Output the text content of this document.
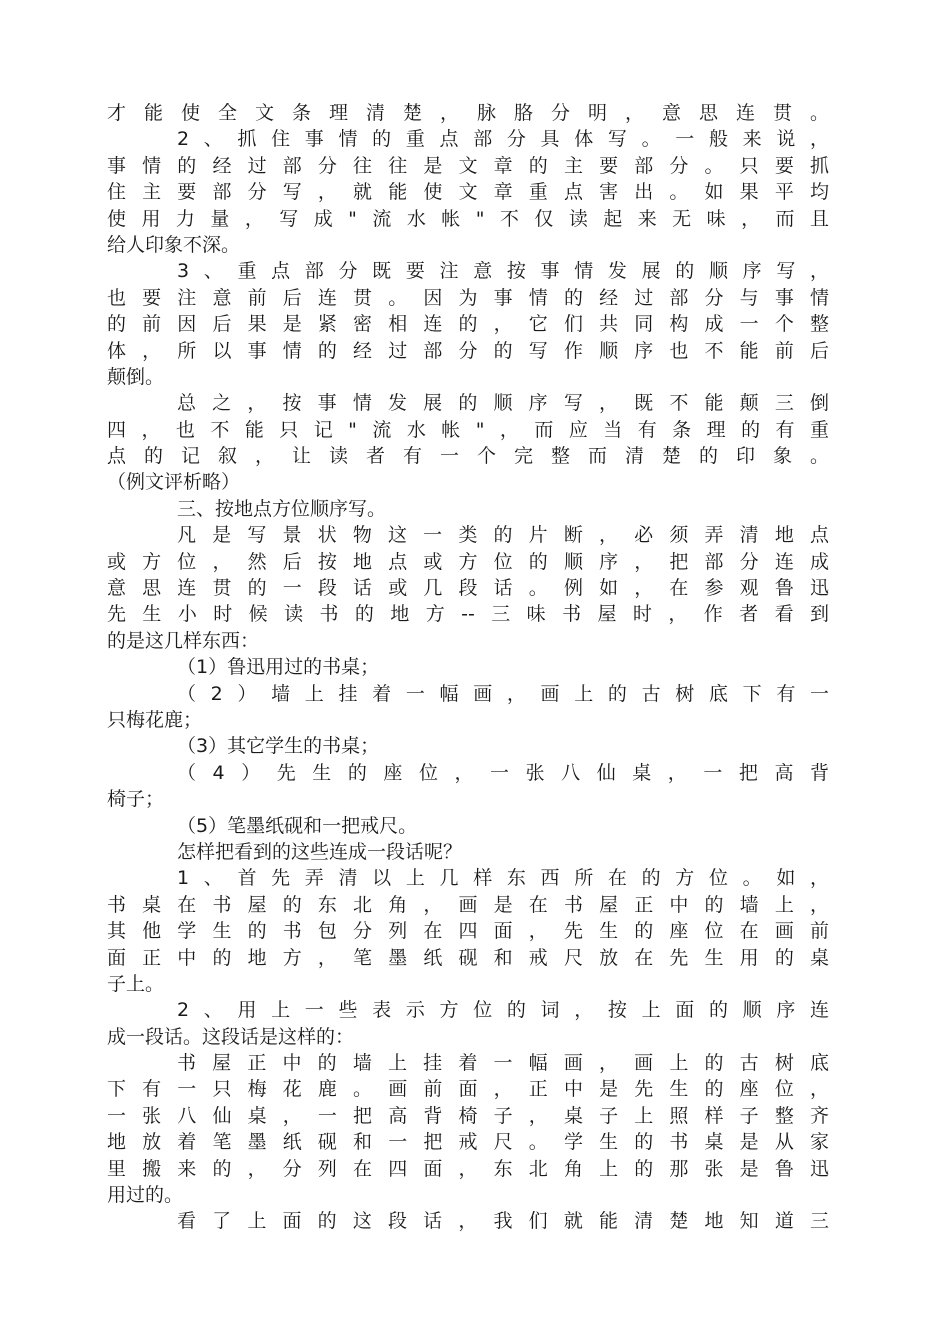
才能使全文条理清楚，脉胳分明，意思连贯。
2、抓住事情的重点部分具体写。一般来说，
事情的经过部分往往是文章的主要部分。只要抓
住主要部分写，就能使文章重点害出。如果平均
使用力量，写成"流水帐"不仅读起来无味，而且
给人印象不深。
3、重点部分既要注意按事情发展的顺序写，
也要注意前后连贯。因为事情的经过部分与事情
的前因后果是紧密相连的，它们共同构成一个整
体，所以事情的经过部分的写作顺序也不能前后
颠倒。
总之，按事情发展的顺序写，既不能颠三倒
四，也不能只记"流水帐"，而应当有条理的有重
点的记叙，让读者有一个完整而清楚的印象。
（例文评析略）
三、按地点方位顺序写。
凡是写景状物这一类的片断，必须弄清地点
或方位，然后按地点或方位的顺序，把部分连成
意思连贯的一段话或几段话。例如，在参观鲁迅
先生小时候读书的地方--三味书屋时，作者看到
的是这几样东西：
（1）鲁迅用过的书桌；
（2）墙上挂着一幅画，画上的古树底下有一
只梅花鹿；
（3）其它学生的书桌；
（4）先生的座位，一张八仙桌，一把高背
椅子；
（5）笔墨纸砚和一把戒尺。
怎样把看到的这些连成一段话呢？
1、首先弄清以上几样东西所在的方位。如，
书桌在书屋的东北角，画是在书屋正中的墙上，
其他学生的书包分列在四面，先生的座位在画前
面正中的地方，笔墨纸砚和戒尺放在先生用的桌
子上。
2、用上一些表示方位的词，按上面的顺序连
成一段话。这段话是这样的：
书屋正中的墙上挂着一幅画，画上的古树底
下有一只梅花鹿。画前面，正中是先生的座位，
一张八仙桌，一把高背椅子，桌子上照样子整齐
地放着笔墨纸砚和一把戒尺。学生的书桌是从家
里搬来的，分列在四面，东北角上的那张是鲁迅
用过的。
看了上面的这段话，我们就能清楚地知道三
